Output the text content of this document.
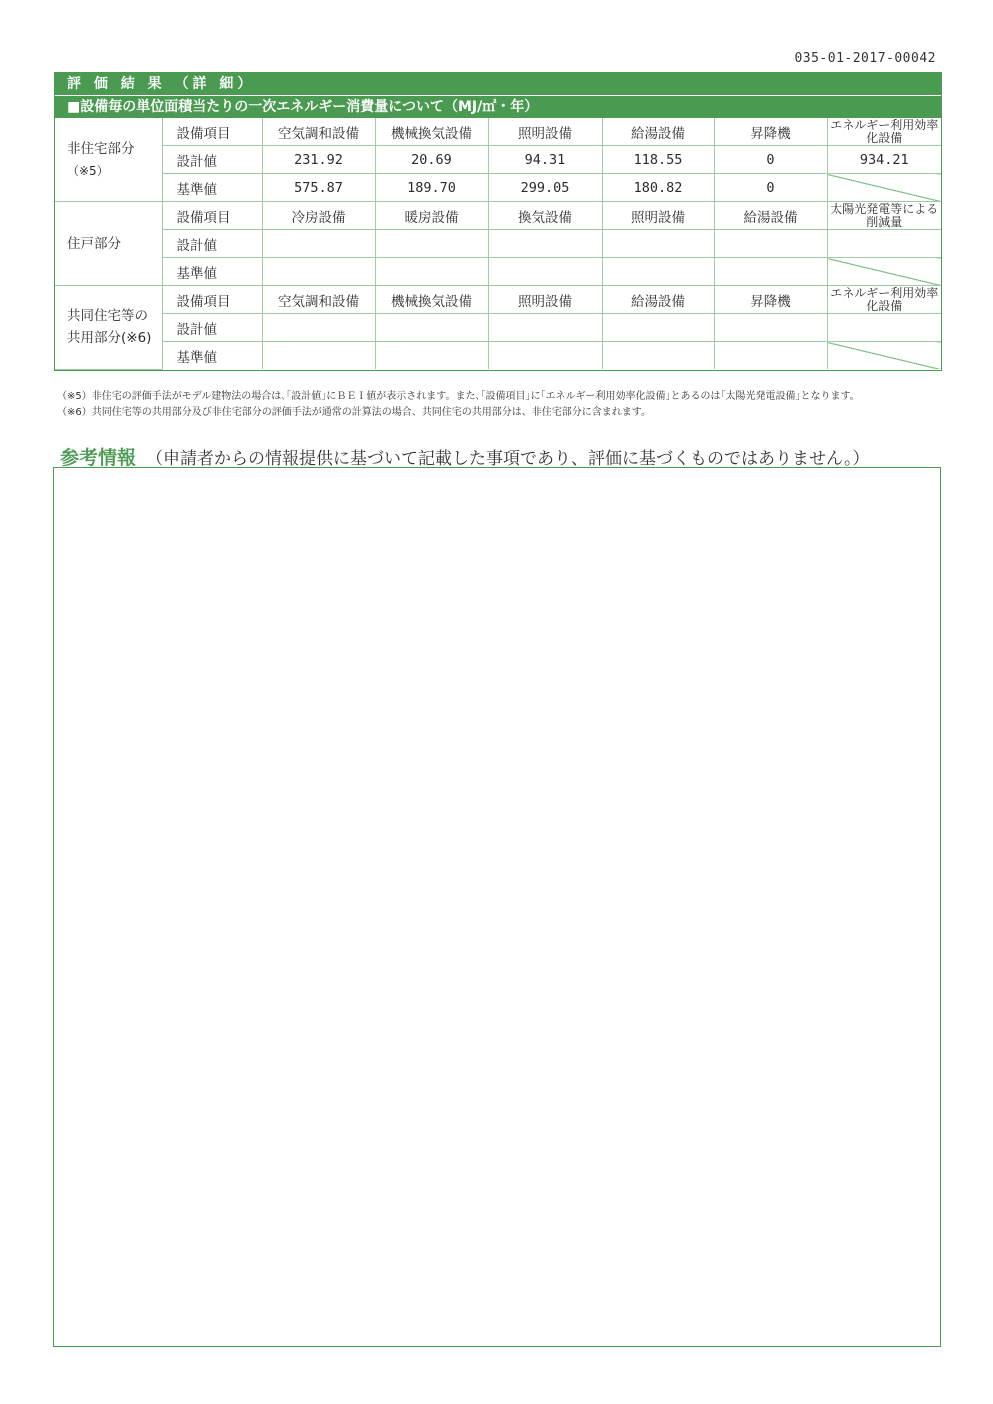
035-01-2017-00042
評 価 結 果 （詳 細）
■設備毎の単位面積当たりの一次エネルギー消費量について（MJ/㎡・年）
非住宅部分
（※5）	設備項目	空気調和設備	機械換気設備	照明設備	給湯設備	昇降機	エネルギー利用効率化設備
	設計値	231.92	20.69	94.31	118.55	0	934.21
	基準値	575.87	189.70	299.05	180.82	0	
住戸部分	設備項目	冷房設備	暖房設備	換気設備	照明設備	給湯設備	太陽光発電等による削減量
	設計値						
	基準値						
共同住宅等の
共用部分(※6)	設備項目	空気調和設備	機械換気設備	照明設備	給湯設備	昇降機	エネルギー利用効率化設備
	設計値						
	基準値						
（※5）非住宅の評価手法がモデル建物法の場合は､｢設計値｣にＢＥＩ値が表示されます。また､｢設備項目｣に｢エネルギー利用効率化設備｣とあるのは｢太陽光発電設備｣となります。
（※6）共同住宅等の共用部分及び非住宅部分の評価手法が通常の計算法の場合、共同住宅の共用部分は、非住宅部分に含まれます。
参考情報 （申請者からの情報提供に基づいて記載した事項であり、評価に基づくものではありません。）
